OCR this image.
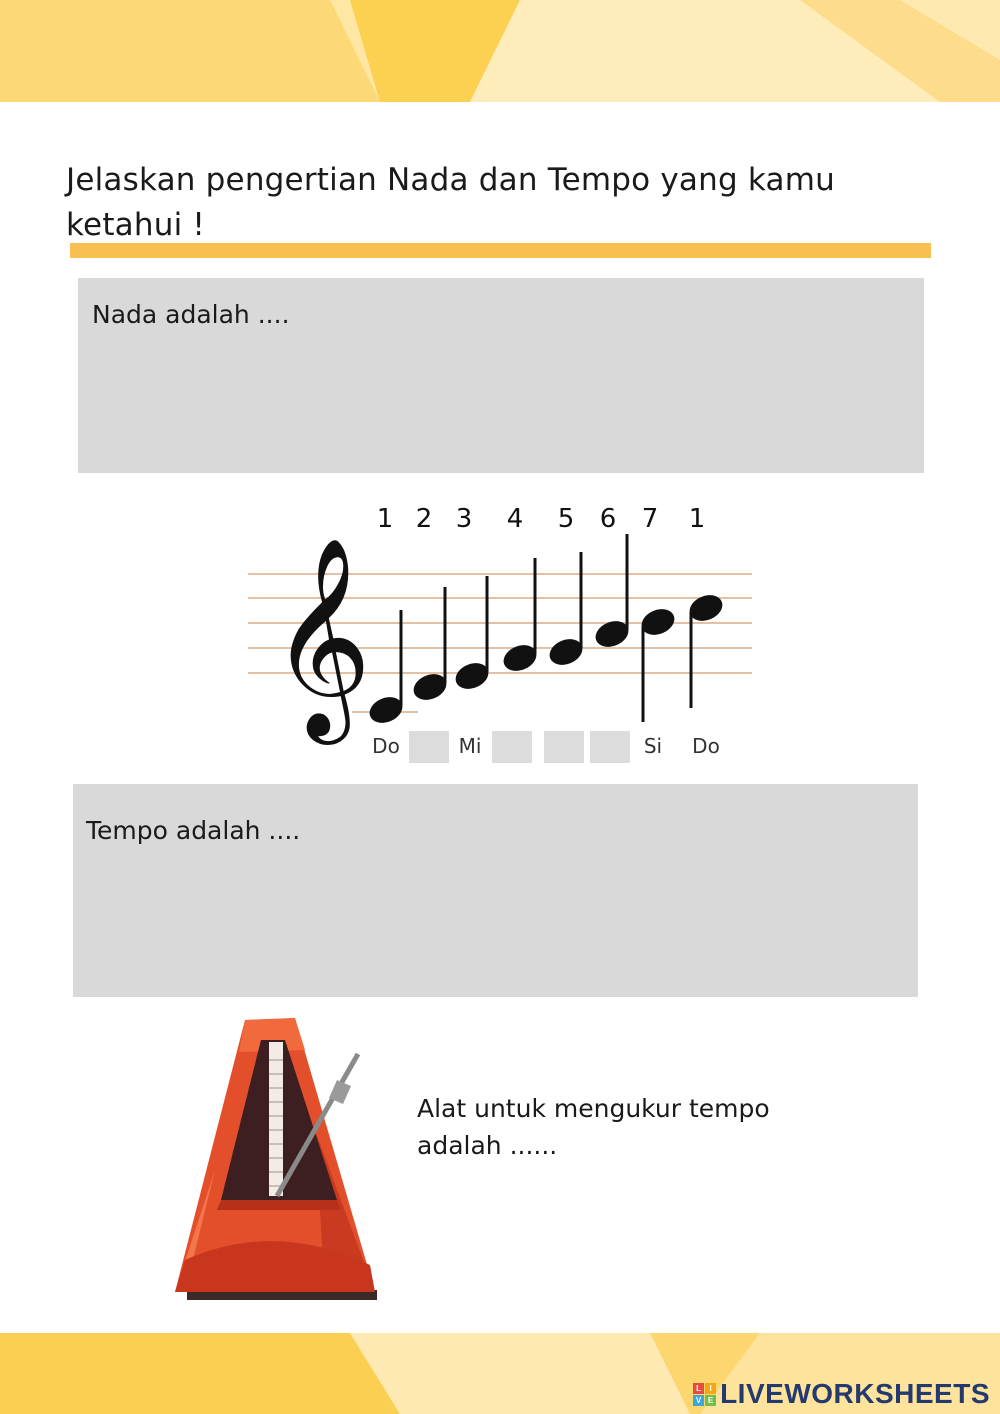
Jelaskan pengertian Nada dan Tempo yang kamu
ketahui !
Nada adalah ....
𝄞
1 2 3 4 5 6 7 1
Do	Mi	Si Do
Tempo adalah ....
Alat untuk mengukur tempo
adalah ......
L	I
V E LIVEWORKSHEETS
